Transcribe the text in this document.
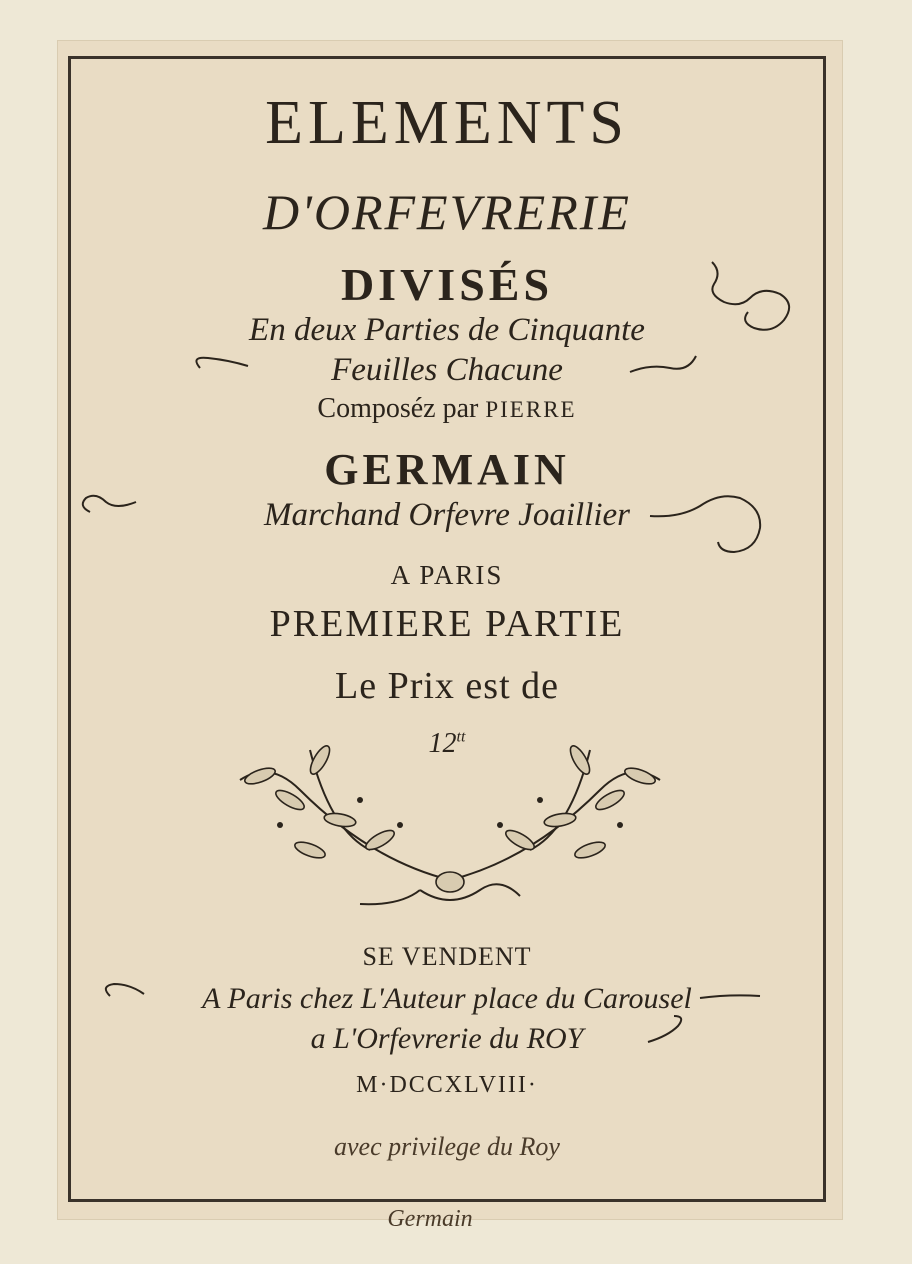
ELEMENTS
D'ORFEVRERIE
DIVISÉS
En deux Parties de Cinquante
Feuilles Chacune
Composéz par PIERRE
GERMAIN
Marchand Orfevre Joaillier
A PARIS
PREMIERE PARTIE
Le Prix est de
$12^{tt}$
SE VENDENT
A Paris chez L'Auteur place du Carousel
a L'Orfevrerie du ROY
M·DCCXLVIII·
avec privilege du Roy
Germain
